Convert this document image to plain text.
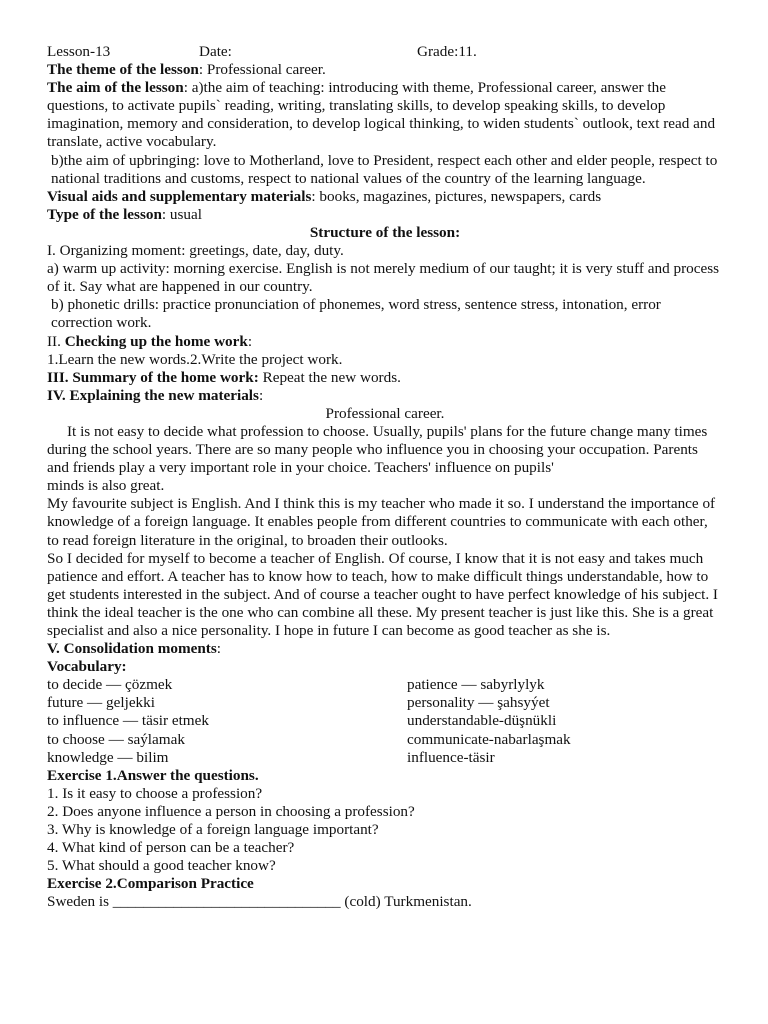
Lesson-13	Date:	Grade:11.

The theme of the lesson: Professional career.

The aim of the lesson: a)the aim of teaching: introducing with theme, Professional career, answer the questions, to activate pupils` reading, writing, translating skills, to develop speaking skills, to develop imagination, memory and consideration, to develop logical thinking, to widen students` outlook, text read and translate, active vocabulary.

b)the aim of upbringing: love to Motherland, love to President, respect each other and elder people, respect to national traditions and customs, respect to national values of the country of the learning language.

Visual aids and supplementary materials: books, magazines, pictures, newspapers, cards

Type of the lesson: usual

Structure of the lesson:

I. Organizing moment: greetings, date, day, duty.

a) warm up activity: morning exercise. English is not merely medium of our taught; it is very stuff and process of it. Say what are happened in our country.

b) phonetic drills: practice pronunciation of phonemes, word stress, sentence stress, intonation, error correction work.

II. Checking up the home work:

1.Learn the new words.2.Write the project work.

III. Summary of the home work: Repeat the new words.

IV. Explaining the new materials:

Professional career.

It is not easy to decide what profession to choose. Usually, pupils' plans for the future change many times during the school years. There are so many people who influence you in choosing your occupation. Parents and friends play a very important role in your choice. Teachers' influence on pupils'

minds is also great.

My favourite subject is English. And I think this is my teacher who made it so. I understand the importance of knowledge of a foreign language. It enables people from different countries to communicate with each other, to read foreign literature in the original, to broaden their outlooks.

So I decided for myself to become a teacher of English. Of course, I know that it is not easy and takes much patience and effort. A teacher has to know how to teach, how to make difficult things understandable, how to get students interested in the subject. And of course a teacher ought to have perfect knowledge of his subject. I think the ideal teacher is the one who can combine all these. My present teacher is just like this. She is a great specialist and also a nice personality. I hope in future I can become as good teacher as she is.

V. Consolidation moments:

Vocabulary:

to decide — çözmek

future — geljekki

to influence — täsir etmek

to choose — saýlamak

knowledge — bilim

patience — sabyrlylyk

personality — şahsyýet

understandable-düşnükli

communicate-nabarlaşmak

influence-täsir

Exercise 1.Answer the questions.

1. Is it easy to choose a profession?

2. Does anyone influence a person in choosing a profession?

3. Why is knowledge of a foreign language important?

4. What kind of person can be a teacher?

5. What should a good teacher know?

Exercise 2.Comparison Practice

Sweden is ______________________________ (cold) Turkmenistan.
